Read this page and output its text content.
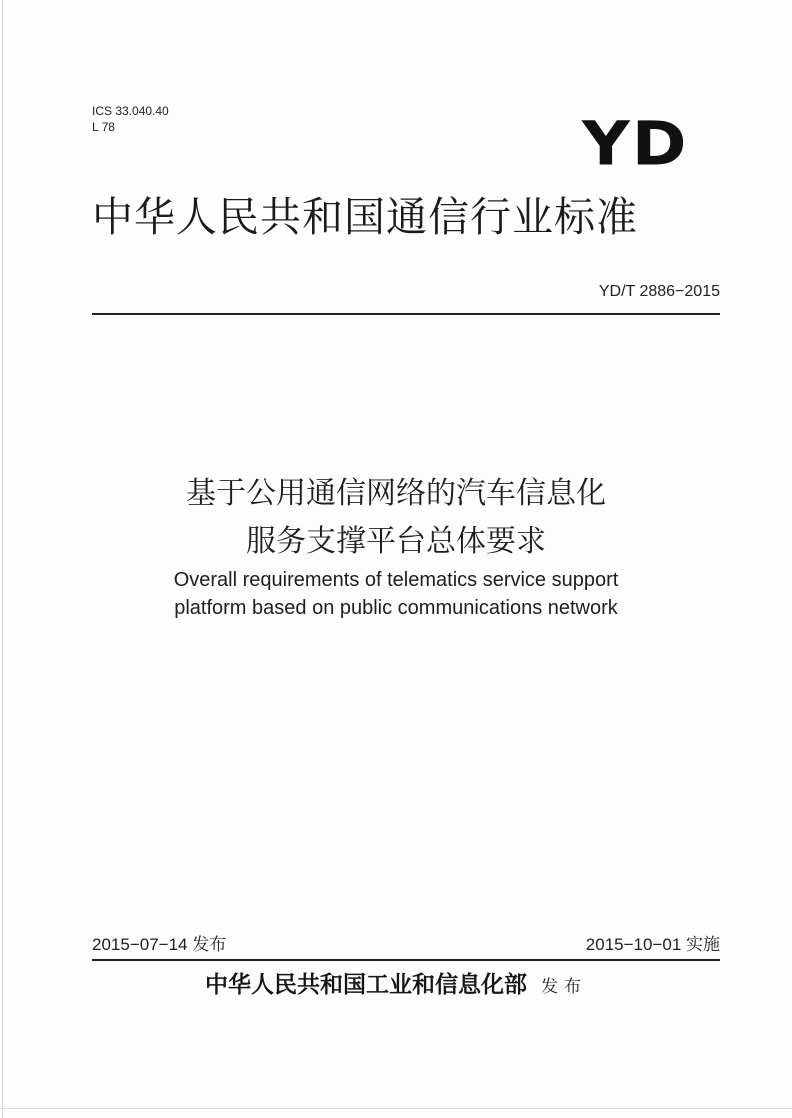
ICS 33.040.40
L 78	YD
中华人民共和国通信行业标准
YD/T 2886−2015
基于公用通信网络的汽车信息化
服务支撑平台总体要求
Overall requirements of telematics service support
platform based on public communications network
2015−07−14 发布	2015−10−01 实施
中华人民共和国工业和信息化部 发布
